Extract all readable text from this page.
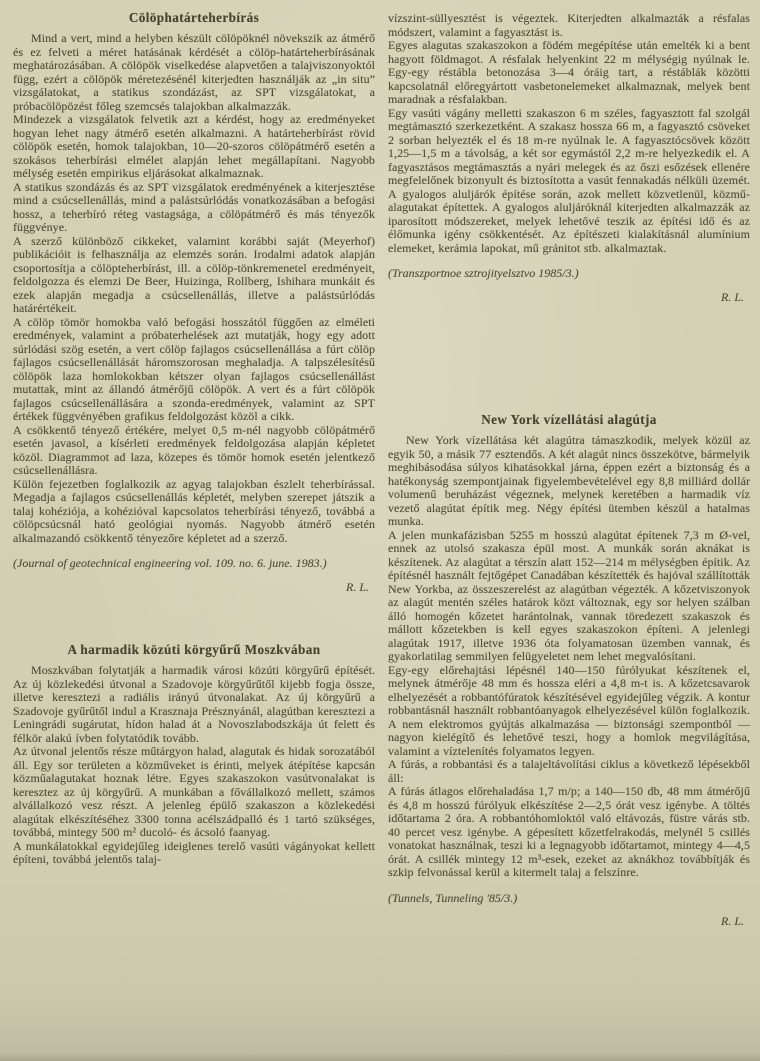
Cölöphatárteherbírás

Mind a vert, mind a helyben készült cölöpöknél növekszik az átmérő és ez felveti a méret hatásának kérdését a cölöp-határteherbírásának meghatározásában. A cölöpök viselkedése alapvetően a talajviszonyoktól függ, ezért a cölöpök méretezésénél kiterjedten használják az „in situ” vizsgálatokat, a statikus szondázást, az SPT vizsgálatokat, a próbacölöpözést főleg szemcsés talajokban alkalmazzák.

Mindezek a vizsgálatok felvetik azt a kérdést, hogy az eredményeket hogyan lehet nagy átmérő esetén alkalmazni. A határteherbírást rövid cölöpök esetén, homok talajokban, 10—20-szoros cölöpátmérő esetén a szokásos teherbírási elmélet alapján lehet megállapítani. Nagyobb mélység esetén empirikus eljárásokat alkalmaznak.

A statikus szondázás és az SPT vizsgálatok eredményének a kiterjesztése mind a csúcsellenállás, mind a palástsúrlódás vonatkozásában a befogási hossz, a teherbíró réteg vastagsága, a cölöpátmérő és más tényezők függvénye.

A szerző különböző cikkeket, valamint korábbi saját (Meyerhof) publikációit is felhasználja az elemzés során. Irodalmi adatok alapján csoportosítja a cölöpteherbírást, ill. a cölöp-tönkremenetel eredményeit, feldolgozza és elemzi De Beer, Huizinga, Rollberg, Ishihara munkáit és ezek alapján megadja a csúcsellenállás, illetve a palástsúrlódás határértékeit.

A cölöp tömör homokba való befogási hosszától függően az elméleti eredmények, valamint a próbaterhelések azt mutatják, hogy egy adott súrlódási szög esetén, a vert cölöp fajlagos csúcsellenállása a fúrt cölöp fajlagos csúcsellenállását háromszorosan meghaladja. A talpszélesítésű cölöpök laza homlokokban kétszer olyan fajlagos csúcsellenállást mutattak, mint az állandó átmérőjű cölöpök. A vert és a fúrt cölöpök fajlagos csúcsellenállására a szonda-eredmények, valamint az SPT értékek függvényében grafikus feldolgozást közöl a cikk.

A csökkentő tényező értékére, melyet 0,5 m-nél nagyobb cölöpátmérő esetén javasol, a kísérleti eredmények feldolgozása alapján képletet közöl. Diagrammot ad laza, közepes és tömör homok esetén jelentkező csúcsellenállásra.

Külön fejezetben foglalkozik az agyag talajokban észlelt teherbírással. Megadja a fajlagos csúcsellenállás képletét, melyben szerepet játszik a talaj kohéziója, a kohézióval kapcsolatos teherbírási tényező, továbbá a cölöpcsúcsnál ható geológiai nyomás. Nagyobb átmérő esetén alkalmazandó csökkentő tényezőre képletet ad a szerző.

(Journal of geotechnical engineering vol. 109. no. 6. june. 1983.)

R. L.

A harmadik közúti körgyűrű Moszkvában

Moszkvában folytatják a harmadik városi közúti körgyűrű építését. Az új közlekedési útvonal a Szadovoje körgyűrűtől kijebb fogja össze, illetve keresztezi a radiális irányú útvonalakat. Az új körgyűrű a Szadovoje gyűrűtől indul a Krasznaja Présznyánál, alagútban keresztezi a Leningrádi sugárutat, hídon halad át a Novoszlabodszkája út felett és félkör alakú ívben folytatódik tovább.

Az útvonal jelentős része műtárgyon halad, alagutak és hidak sorozatából áll. Egy sor területen a közműveket is érinti, melyek átépítése kapcsán közműalagutakat hoznak létre. Egyes szakaszokon vasútvonalakat is keresztez az új körgyűrű. A munkában a fővállalkozó mellett, számos alvállalkozó vesz részt. A jelenleg épülő szakaszon a közlekedési alagútak elkészítéséhez 3300 tonna acélszádpalló és 1 tartó szükséges, továbbá, mintegy 500 m² ducoló- és ácsoló faanyag.

A munkálatokkal egyidejűleg ideiglenes terelő vasúti vágányokat kellett építeni, továbbá jelentős talaj-

vízszint-süllyesztést is végeztek. Kiterjedten alkalmazták a résfalas módszert, valamint a fagyasztást is.

Egyes alagutas szakaszokon a födém megépítése után emelték ki a bent hagyott földmagot. A résfalak helyenkint 22 m mélységig nyúlnak le. Egy-egy réstábla betonozása 3—4 óráig tart, a réstáblák közötti kapcsolatnál előregyártott vasbetonelemeket alkalmaznak, melyek bent maradnak a résfalakban.

Egy vasúti vágány melletti szakaszon 6 m széles, fagyasztott fal szolgál megtámasztó szerkezetként. A szakasz hossza 66 m, a fagyasztó csöveket 2 sorban helyezték el és 18 m-re nyúlnak le. A fagyasztócsövek között 1,25—1,5 m a távolság, a két sor egymástól 2,2 m-re helyezkedik el. A fagyasztásos megtámasztás a nyári melegek és az őszi esőzések ellenére megfelelőnek bizonyult és biztosította a vasút fennakadás nélküli üzemét.

A gyalogos aluljárók építése során, azok mellett közvetlenül, közmű-alagutakat építettek. A gyalogos aluljáróknál kiterjedten alkalmazzák az iparosított módszereket, melyek lehetővé teszik az építési idő és az élőmunka igény csökkentését. Az építészeti kialakításnál alumínium elemeket, kerámia lapokat, mű gránitot stb. alkalmaztak.

(Transzportnoe sztrojityelsztvo 1985/3.)

R. L.

New York vízellátási alagútja

New York vízellátása két alagútra támaszkodik, melyek közül az egyik 50, a másik 77 esztendős. A két alagút nincs összekötve, bármelyik meghibásodása súlyos kihatásokkal járna, éppen ezért a biztonság és a hatékonyság szempontjainak figyelembevételével egy 8,8 milliárd dollár volumenű beruházást végeznek, melynek keretében a harmadik víz vezető alagútat építik meg. Négy építési ütemben készül a hatalmas munka.

A jelen munkafázisban 5255 m hosszú alagútat építenek 7,3 m Ø-vel, ennek az utolsó szakasza épül most. A munkák során aknákat is készítenek. Az alagútat a térszín alatt 152—214 m mélységben építik. Az építésnél használt fejtőgépet Canadában készítették és hajóval szállították New Yorkba, az összeszerelést az alagútban végezték. A kőzetviszonyok az alagút mentén széles határok közt változnak, egy sor helyen szálban álló homogén kőzetet harántolnak, vannak töredezett szakaszok és mállott kőzetekben is kell egyes szakaszokon építeni. A jelenlegi alagútak 1917, illetve 1936 óta folyamatosan üzemben vannak, és gyakorlatilag semmilyen felügyeletet nem lehet megvalósítani.

Egy-egy előrehajtási lépésnél 140—150 fúrólyukat készítenek el, melynek átmérője 48 mm és hossza eléri a 4,8 m-t is. A kőzetcsavarok elhelyezését a robbantófúratok készítésével egyidejűleg végzik. A kontur robbantásnál használt robbantóanyagok elhelyezésével külön foglalkozik. A nem elektromos gyújtás alkalmazása — biztonsági szempontból — nagyon kielégítő és lehetővé teszi, hogy a homlok megvilágítása, valamint a víztelenítés folyamatos legyen.

A fúrás, a robbantási és a talajeltávolítási ciklus a következő lépésekből áll:

A fúrás átlagos előrehaladása 1,7 m/p; a 140—150 db, 48 mm átmérőjű és 4,8 m hosszú fúrólyuk elkészítése 2—2,5 órát vesz igénybe. A töltés időtartama 2 óra. A robbantóhomloktól való eltávozás, füstre várás stb. 40 percet vesz igénybe. A gépesített kőzetfelrakodás, melynél 5 csillés vonatokat használnak, teszi ki a legnagyobb időtartamot, mintegy 4—4,5 órát. A csillék mintegy 12 m³-esek, ezeket az aknákhoz továbbítják és szkip felvonással kerül a kitermelt talaj a felszínre.

(Tunnels, Tunneling '85/3.)

R. L.
